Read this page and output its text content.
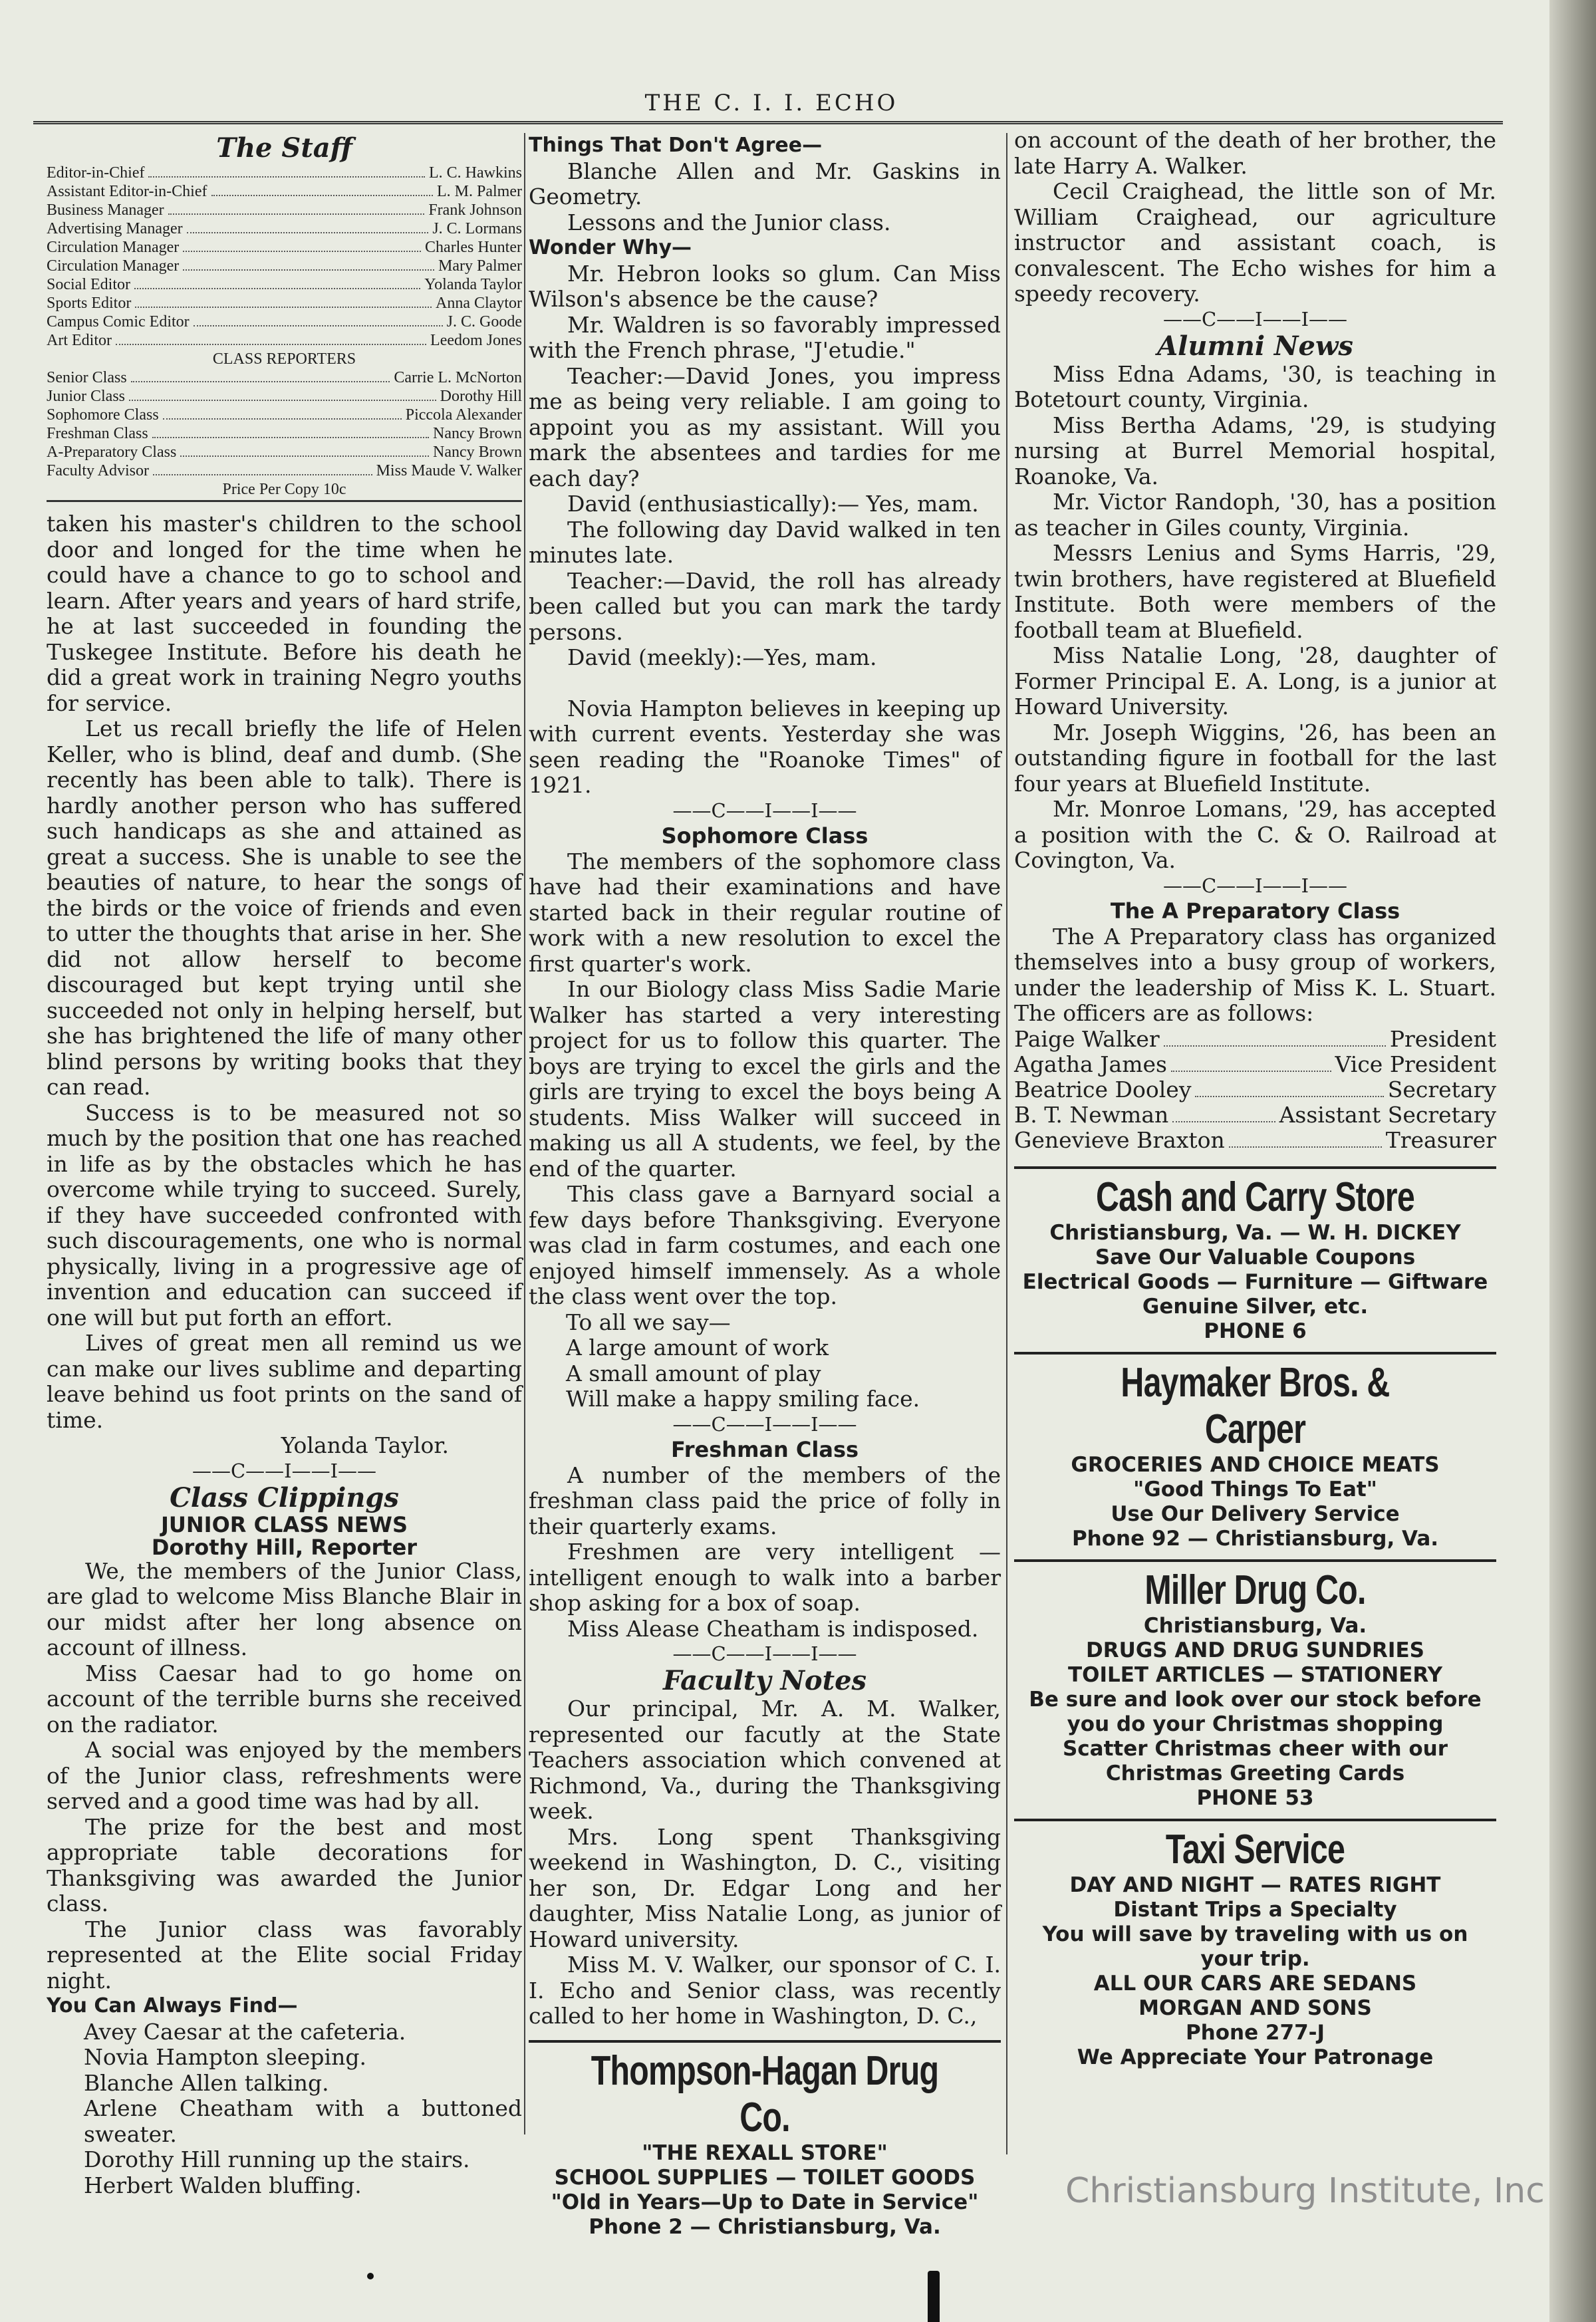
THE C. I. I. ECHO
The Staff
Editor-in-Chief	L. C. Hawkins
Assistant Editor-in-Chief	L. M. Palmer
Business Manager	Frank Johnson
Advertising Manager	J. C. Lormans
Circulation Manager	Charles Hunter
Circulation Manager	Mary Palmer
Social Editor	Yolanda Taylor
Sports Editor	Anna Claytor
Campus Comic Editor	J. C. Goode
Art Editor	Leedom Jones
CLASS REPORTERS
Senior Class	Carrie L. McNorton
Junior Class	Dorothy Hill
Sophomore Class	Piccola Alexander
Freshman Class	Nancy Brown
A-Preparatory Class	Nancy Brown
Faculty Advisor	Miss Maude V. Walker
Price Per Copy 10c

taken his master's children to the school door and longed for the time when he could have a chance to go to school and learn. After years and years of hard strife, he at last succeeded in founding the Tuskegee Institute. Before his death he did a great work in training Negro youths for service.

Let us recall briefly the life of Helen Keller, who is blind, deaf and dumb. (She recently has been able to talk). There is hardly another person who has suffered such handicaps as she and attained as great a success. She is unable to see the beauties of nature, to hear the songs of the birds or the voice of friends and even to utter the thoughts that arise in her. She did not allow herself to become discouraged but kept trying until she succeeded not only in helping herself, but she has brightened the life of many other blind persons by writing books that they can read.

Success is to be measured not so much by the position that one has reached in life as by the obstacles which he has overcome while trying to succeed. Surely, if they have succeeded confronted with such discouragements, one who is normal physically, living in a progressive age of invention and education can succeed if one will but put forth an effort.

Lives of great men all remind us we can make our lives sublime and departing leave behind us foot prints on the sand of time.

Yolanda Taylor.
——C——I——I——
Class Clippings
JUNIOR CLASS NEWS
Dorothy Hill, Reporter

We, the members of the Junior Class, are glad to welcome Miss Blanche Blair in our midst after her long absence on account of illness.

Miss Caesar had to go home on account of the terrible burns she received on the radiator.

A social was enjoyed by the members of the Junior class, refreshments were served and a good time was had by all.

The prize for the best and most appropriate table decorations for Thanksgiving was awarded the Junior class.

The Junior class was favorably represented at the Elite social Friday night.

You Can Always Find—
Avey Caesar at the cafeteria.
Novia Hampton sleeping.
Blanche Allen talking.
Arlene Cheatham with a buttoned sweater.
Dorothy Hill running up the stairs.
Herbert Walden bluffing.
Things That Don't Agree—

Blanche Allen and Mr. Gaskins in Geometry.

Lessons and the Junior class.

Wonder Why—

Mr. Hebron looks so glum. Can Miss Wilson's absence be the cause?

Mr. Waldren is so favorably impressed with the French phrase, "J'etudie."

Teacher:—David Jones, you impress me as being very reliable. I am going to appoint you as my assistant. Will you mark the absentees and tardies for me each day?

David (enthusiastically):— Yes, mam.

The following day David walked in ten minutes late.

Teacher:—David, the roll has already been called but you can mark the tardy persons.

David (meekly):—Yes, mam.

Novia Hampton believes in keeping up with current events. Yesterday she was seen reading the "Roanoke Times" of 1921.

——C——I——I——
Sophomore Class

The members of the sophomore class have had their examinations and have started back in their regular routine of work with a new resolution to excel the first quarter's work.

In our Biology class Miss Sadie Marie Walker has started a very interesting project for us to follow this quarter. The boys are trying to excel the girls and the girls are trying to excel the boys being A students. Miss Walker will succeed in making us all A students, we feel, by the end of the quarter.

This class gave a Barnyard social a few days before Thanksgiving. Everyone was clad in farm costumes, and each one enjoyed himself immensely. As a whole the class went over the top.

To all we say—
A large amount of work
A small amount of play
Will make a happy smiling face.
——C——I——I——
Freshman Class

A number of the members of the freshman class paid the price of folly in their quarterly exams.

Freshmen are very intelligent — intelligent enough to walk into a barber shop asking for a box of soap.

Miss Alease Cheatham is indisposed.

——C——I——I——
Faculty Notes

Our principal, Mr. A. M. Walker, represented our facutly at the State Teachers association which convened at Richmond, Va., during the Thanksgiving week.

Mrs. Long spent Thanksgiving weekend in Washington, D. C., visiting her son, Dr. Edgar Long and her daughter, Miss Natalie Long, as junior of Howard university.

Miss M. V. Walker, our sponsor of C. I. I. Echo and Senior class, was recently called to her home in Washington, D. C.,

Thompson-Hagan Drug Co.
"THE REXALL STORE"
SCHOOL SUPPLIES — TOILET GOODS
"Old in Years—Up to Date in Service"
Phone 2 — Christiansburg, Va.

on account of the death of her brother, the late Harry A. Walker.

Cecil Craighead, the little son of Mr. William Craighead, our agriculture instructor and assistant coach, is convalescent. The Echo wishes for him a speedy recovery.

——C——I——I——
Alumni News

Miss Edna Adams, '30, is teaching in Botetourt county, Virginia.

Miss Bertha Adams, '29, is studying nursing at Burrel Memorial hospital, Roanoke, Va.

Mr. Victor Randoph, '30, has a position as teacher in Giles county, Virginia.

Messrs Lenius and Syms Harris, '29, twin brothers, have registered at Bluefield Institute. Both were members of the football team at Bluefield.

Miss Natalie Long, '28, daughter of Former Principal E. A. Long, is a junior at Howard University.

Mr. Joseph Wiggins, '26, has been an outstanding figure in football for the last four years at Bluefield Institute.

Mr. Monroe Lomans, '29, has accepted a position with the C. & O. Railroad at Covington, Va.

——C——I——I——
The A Preparatory Class

The A Preparatory class has organized themselves into a busy group of workers, under the leadership of Miss K. L. Stuart. The officers are as follows:

Paige Walker	President
Agatha James	Vice President
Beatrice Dooley	Secretary
B. T. Newman	Assistant Secretary
Genevieve Braxton	Treasurer
Cash and Carry Store
Christiansburg, Va. — W. H. DICKEY
Save Our Valuable Coupons
Electrical Goods — Furniture — Giftware
Genuine Silver, etc.
PHONE 6
Haymaker Bros. & Carper
GROCERIES AND CHOICE MEATS
"Good Things To Eat"
Use Our Delivery Service
Phone 92 — Christiansburg, Va.
Miller Drug Co.
Christiansburg, Va.
DRUGS AND DRUG SUNDRIES
TOILET ARTICLES — STATIONERY
Be sure and look over our stock before you do your Christmas shopping
Scatter Christmas cheer with our Christmas Greeting Cards
PHONE 53
Taxi Service
DAY AND NIGHT — RATES RIGHT
Distant Trips a Specialty
You will save by traveling with us on your trip.
ALL OUR CARS ARE SEDANS
MORGAN AND SONS
Phone 277-J
We Appreciate Your Patronage
Christiansburg Institute, Inc
